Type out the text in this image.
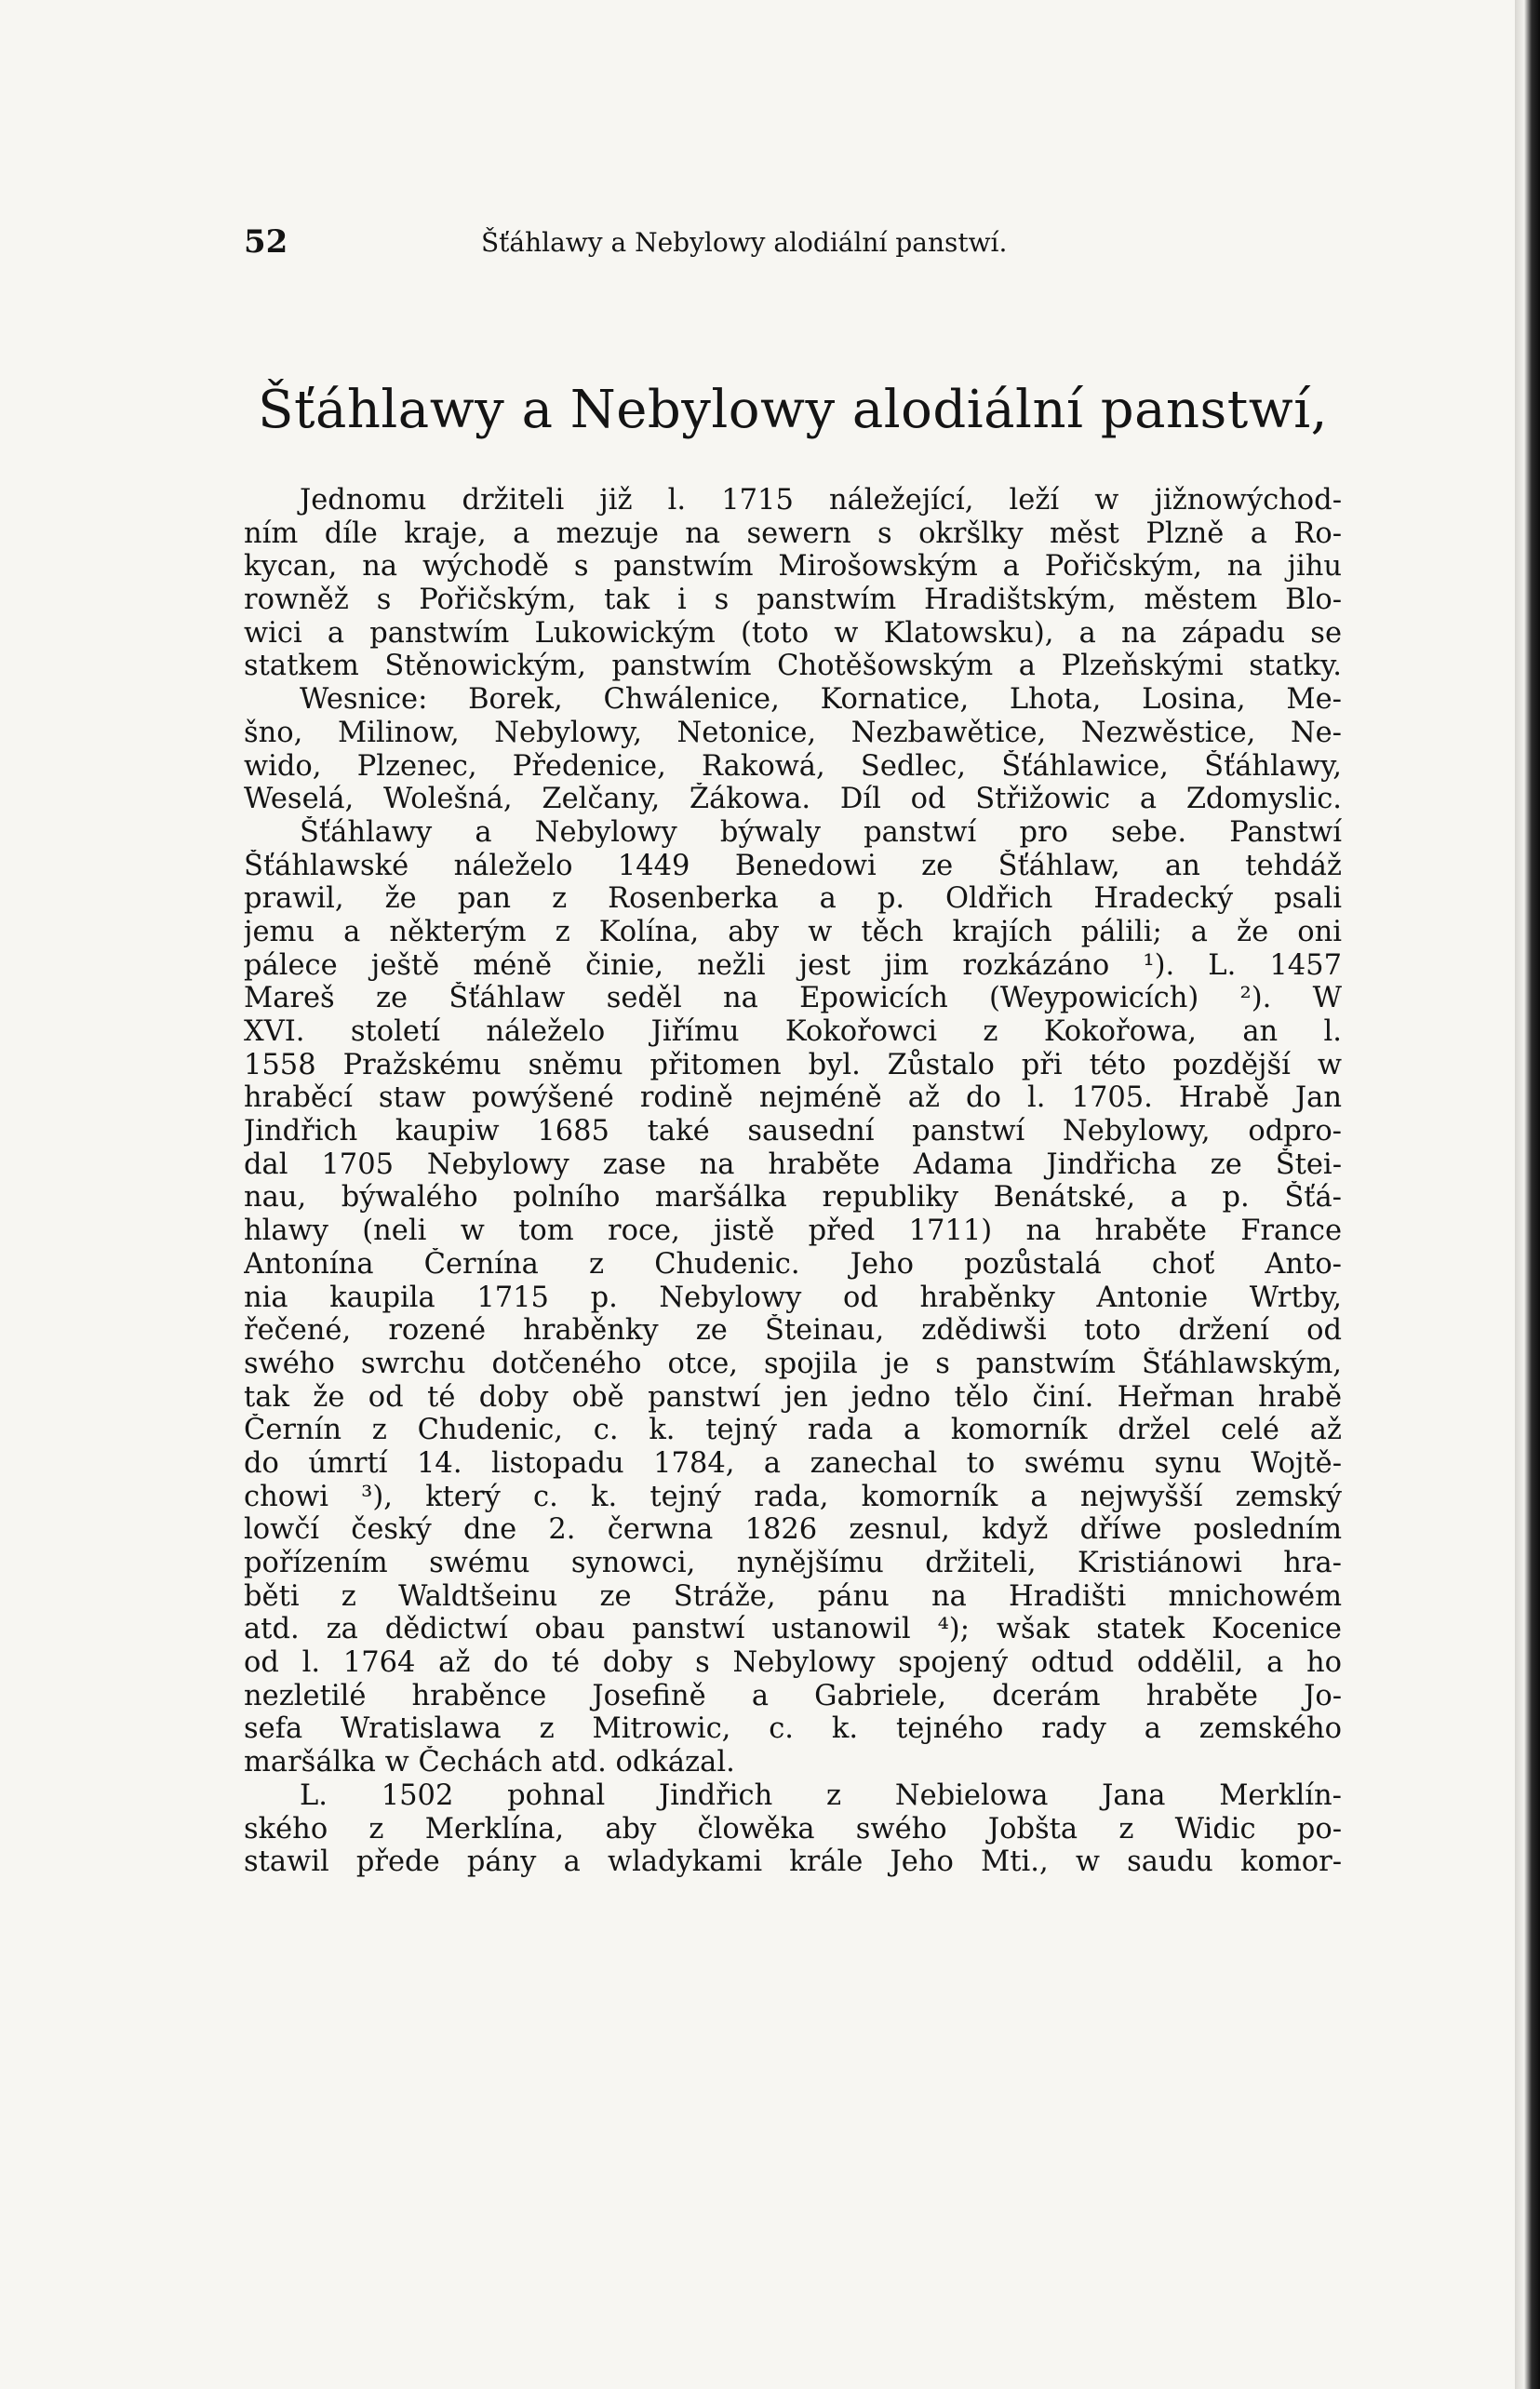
52	Šťáhlawy a Nebylowy alodiální panstwí.
Šťáhlawy a Nebylowy alodiální panstwí,
Jednomu držiteli již l. 1715 náležející, leží w jižnowýchod-
ním díle kraje, a mezuje na sewern s okršlky měst Plzně a Ro-
kycan, na wýchodě s panstwím Mirošowským a Pořičským, na jihu
rowněž s Pořičským, tak i s panstwím Hradištským, městem Blo-
wici a panstwím Lukowickým (toto w Klatowsku), a na západu se
statkem Stěnowickým, panstwím Chotěšowským a Plzeňskými statky.
Wesnice: Borek, Chwálenice, Kornatice, Lhota, Losina, Me-
šno, Milinow, Nebylowy, Netonice, Nezbawětice, Nezwěstice, Ne-
wido, Plzenec, Předenice, Rakowá, Sedlec, Šťáhlawice, Šťáhlawy,
Weselá, Wolešná, Zelčany, Žákowa. Díl od Střižowic a Zdomyslic.
Šťáhlawy a Nebylowy býwaly panstwí pro sebe. Panstwí
Šťáhlawské náleželo 1449 Benedowi ze Šťáhlaw, an tehdáž
prawil, že pan z Rosenberka a p. Oldřich Hradecký psali
jemu a některým z Kolína, aby w těch krajích pálili; a že oni
pálece ještě méně činie, nežli jest jim rozkázáno ¹). L. 1457
Mareš ze Šťáhlaw seděl na Epowicích (Weypowicích) ²). W
XVI. století náleželo Jiřímu Kokořowci z Kokořowa, an l.
1558 Pražskému sněmu přitomen byl. Zůstalo při této pozdější w
hraběcí staw powýšené rodině nejméně až do l. 1705. Hrabě Jan
Jindřich kaupiw 1685 také sausední panstwí Nebylowy, odpro-
dal 1705 Nebylowy zase na hraběte Adama Jindřicha ze Štei-
nau, býwalého polního maršálka republiky Benátské, a p. Šťá-
hlawy (neli w tom roce, jistě před 1711) na hraběte France
Antonína Černína z Chudenic. Jeho pozůstalá choť Anto-
nia kaupila 1715 p. Nebylowy od hraběnky Antonie Wrtby,
řečené, rozené hraběnky ze Šteinau, zdědiwši toto držení od
swého swrchu dotčeného otce, spojila je s panstwím Šťáhlawským,
tak že od té doby obě panstwí jen jedno tělo činí. Heřman hrabě
Černín z Chudenic, c. k. tejný rada a komorník držel celé až
do úmrtí 14. listopadu 1784, a zanechal to swému synu Wojtě-
chowi ³), který c. k. tejný rada, komorník a nejwyšší zemský
lowčí český dne 2. čerwna 1826 zesnul, když dříwe posledním
pořízením swému synowci, nynějšímu držiteli, Kristiánowi hra-
běti z Waldtšeinu ze Stráže, pánu na Hradišti mnichowém
atd. za dědictwí obau panstwí ustanowil ⁴); wšak statek Kocenice
od l. 1764 až do té doby s Nebylowy spojený odtud oddělil, a ho
nezletilé hraběnce Josefině a Gabriele, dcerám hraběte Jo-
sefa Wratislawa z Mitrowic, c. k. tejného rady a zemského
maršálka w Čechách atd. odkázal.
L. 1502 pohnal Jindřich z Nebielowa Jana Merklín-
ského z Merklína, aby člowěka swého Jobšta z Widic po-
stawil přede pány a wladykami krále Jeho Mti., w saudu komor-
